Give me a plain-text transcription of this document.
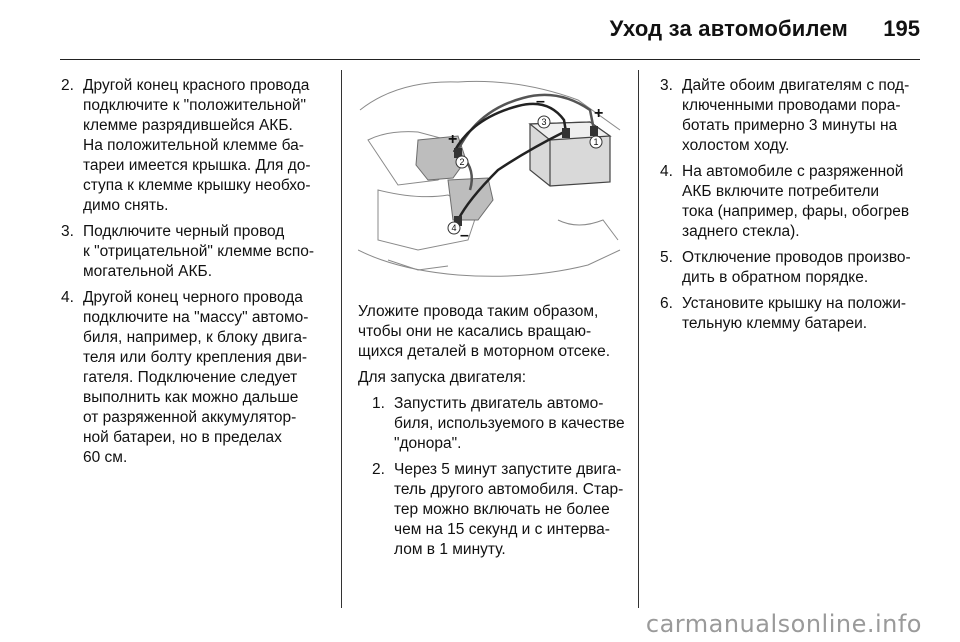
Уход за автомобилем 195
2. Другой конец красного провода
подключите к "положительной"
клемме разрядившейся АКБ.
На положительной клемме ба-
тареи имеется крышка. Для до-
ступа к клемме крышку необхо-
димо снять.
3. Подключите черный провод
к "отрицательной" клемме вспо-
могательной АКБ.
4. Другой конец черного провода
подключите на "массу" автомо-
биля, например, к блоку двига-
теля или болту крепления дви-
гателя. Подключение следует
выполнить как можно дальше
от разряженной аккумулятор-
ной батареи, но в пределах
60 см.
+
–
+
–
1
2
3
4
Уложите провода таким образом,
чтобы они не касались вращаю-
щихся деталей в моторном отсеке.
Для запуска двигателя:
1. Запустить двигатель автомо-
биля, используемого в качестве
"донора".
2. Через 5 минут запустите двига-
тель другого автомобиля. Стар-
тер можно включать не более
чем на 15 секунд и с интерва-
лом в 1 минуту.
3. Дайте обоим двигателям с под-
ключенными проводами пора-
ботать примерно 3 минуты на
холостом ходу.
4. На автомобиле с разряженной
АКБ включите потребители
тока (например, фары, обогрев
заднего стекла).
5. Отключение проводов произво-
дить в обратном порядке.
6. Установите крышку на положи-
тельную клемму батареи.
carmanualsonline.info
